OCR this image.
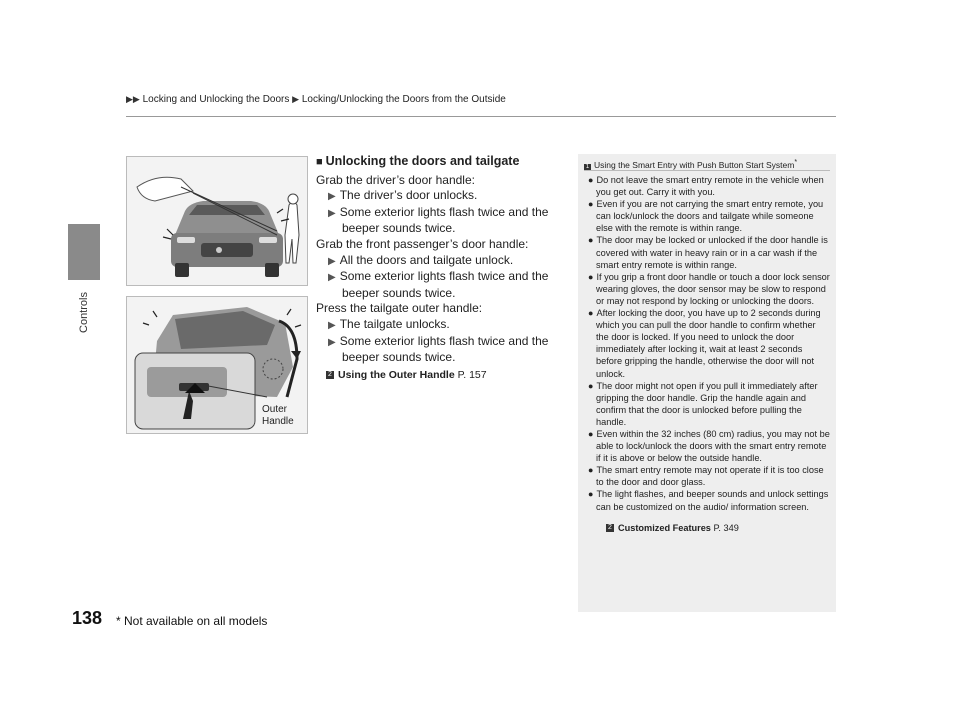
Controls
▶▶ Locking and Unlocking the Doors ▶ Locking/Unlocking the Doors from the Outside
Outer
Handle
■ Unlocking the doors and tailgate

Grab the driver’s door handle:

▶ The driver’s door unlocks.

▶ Some exterior lights flash twice and the beeper sounds twice.

Grab the front passenger’s door handle:

▶ All the doors and tailgate unlock.

▶ Some exterior lights flash twice and the beeper sounds twice.

Press the tailgate outer handle:

▶ The tailgate unlocks.

▶ Some exterior lights flash twice and the beeper sounds twice.

2 Using the Outer Handle P. 157

1 Using the Smart Entry with Push Button Start System*

● Do not leave the smart entry remote in the vehicle when you get out. Carry it with you.

● Even if you are not carrying the smart entry remote, you can lock/unlock the doors and tailgate while someone else with the remote is within range.

● The door may be locked or unlocked if the door handle is covered with water in heavy rain or in a car wash if the smart entry remote is within range.

● If you grip a front door handle or touch a door lock sensor wearing gloves, the door sensor may be slow to respond or may not respond by locking or unlocking the doors.

● After locking the door, you have up to 2 seconds during which you can pull the door handle to confirm whether the door is locked. If you need to unlock the door immediately after locking it, wait at least 2 seconds before gripping the handle, otherwise the door will not unlock.

● The door might not open if you pull it immediately after gripping the door handle. Grip the handle again and confirm that the door is unlocked before pulling the handle.

● Even within the 32 inches (80 cm) radius, you may not be able to lock/unlock the doors with the smart entry remote if it is above or below the outside handle.

● The smart entry remote may not operate if it is too close to the door and door glass.

● The light flashes, and beeper sounds and unlock settings can be customized on the audio/ information screen.

2 Customized Features P. 349

138 * Not available on all models
